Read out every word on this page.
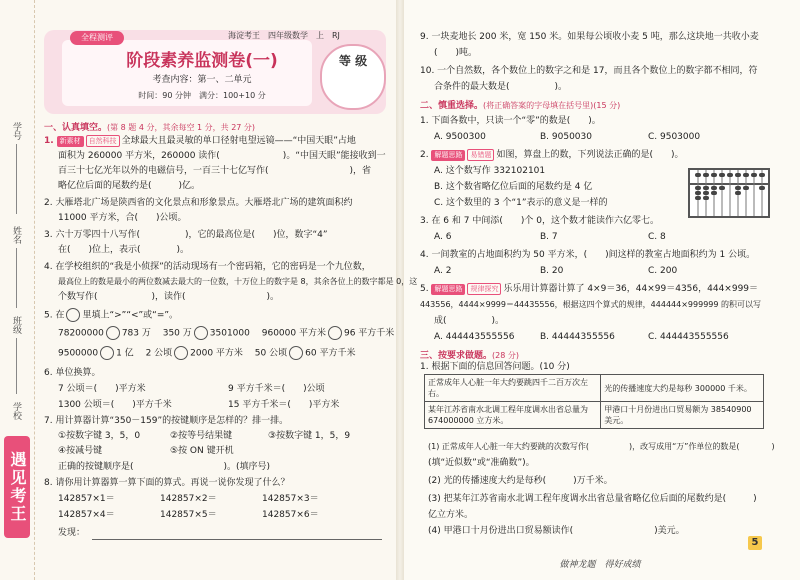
学号
姓名
班级
学校
遇见考王
全程测评	海淀考王　四年级数学　上　RJ
阶段素养监测卷(一)
考查内容：第一、二单元
时间：90 分钟　满分：100+10 分
等 级
一、认真填空。(第 8 题 4 分，其余每空 1 分，共 27 分)
1. 新素材 自然科技 全球最大且最灵敏的单口径射电望远镜——“中国天眼”占地
面积为 260000 平方米，260000 读作(　　　　　　　)。“中国天眼”能接收到一
百三十七亿光年以外的电磁信号，一百三十七亿写作(　　　　　　　　　)，省
略亿位后面的尾数约是(　　　)亿。
2. 大雁塔北广场是陕西省的文化景点和形象景点。大雁塔北广场的建筑面积约
11000 平方米，合(　　)公顷。
3. 六十万零四十八写作(　　　　　)，它的最高位是(　　)位，数字“4”
在(　　)位上，表示(　　　　)。
4. 在学校组织的“我是小侦探”的活动现场有一个密码箱，它的密码是一个九位数，
最高位上的数是最小的两位数减去最大的一位数，十万位上的数字是 8，其余各位上的数字都是 0，这
个数写作(　　　　　　)，读作(　　　　　　　　　)。
5. 在 里填上“>”“<”或“=”。
78200000 783 万　 350 万 3501000　 960000 平方米 96 平方千米
9500000 1 亿　 2 公顷 2000 平方米　 50 公顷 60 平方千米
6. 单位换算。
7 公顷＝(　　)平方米	9 平方千米＝(　　)公顷
1300 公顷＝(　　)平方千米	15 平方千米＝(　　)平方米
7. 用计算器计算“350－159”的按键顺序是怎样的？排一排。
①按数字键 3，5，0	②按等号结果键	③按数字键 1，5，9
④按减号键	⑤按 ON 键开机
正确的按键顺序是(　　　　　　　　　　)。(填序号)
8. 请你用计算器算一算下面的算式。再说一说你发现了什么？
142857×1＝	142857×2＝	142857×3＝
142857×4＝	142857×5＝	142857×6＝
发现：
9. 一块麦地长 200 米，宽 150 米。如果每公顷收小麦 5 吨，那么这块地一共收小麦
(　　)吨。
10. 一个自然数，各个数位上的数字之和是 17，而且各个数位上的数字都不相同，符
合条件的最大数是(　　　　　)。
二、慎重选择。(将正确答案的字母填在括号里)(15 分)
1. 下面各数中，只读一个“零”的数是(　　)。
A. 9500300	B. 9050030	C. 9503000
2. 解题思路 易错题 如图，算盘上的数，下列说法正确的是(　　)。
A. 这个数写作 332102101
B. 这个数省略亿位后面的尾数约是 4 亿
C. 这个数里的 3 个“1”表示的意义是一样的
3. 在 6 和 7 中间添(　　)个 0，这个数才能读作六亿零七。
A. 6	B. 7	C. 8
4. 一间教室的占地面积约为 50 平方米，(　　)间这样的教室占地面积约为 1 公顷。
A. 2	B. 20	C. 200
5. 解题思路 规律探究 乐乐用计算器计算了 4×9＝36，44×99＝4356，444×999＝
443556，4444×9999＝44435556，根据这四个算式的规律，444444×999999 的积可以写
成(　　　　　)。
A. 444443555556	B. 44444355556	C. 444443555556
三、按要求做题。(28 分)
1. 根据下面的信息回答问题。(10 分)
正常成年人心脏一年大约要跳四千二百万次左右。	光的传播速度大约是每秒 300000 千米。
某年江苏省南水北调工程年度调水出省总量为 674000000 立方米。	甲港口十月份进出口贸易额为 38540900 美元。
(1) 正常成年人心脏一年大约要跳的次数写作(　　　　　)，改写成用“万”作单位的数是(　　　　)
(填“近似数”或“准确数”)。
(2) 光的传播速度大约是每秒(　　　)万千米。
(3) 把某年江苏省南水北调工程年度调水出省总量省略亿位后面的尾数约是(　　　)
亿立方米。
(4) 甲港口十月份进出口贸易额读作(　　　　　　　　　)美元。
5
做神龙题　得好成绩
